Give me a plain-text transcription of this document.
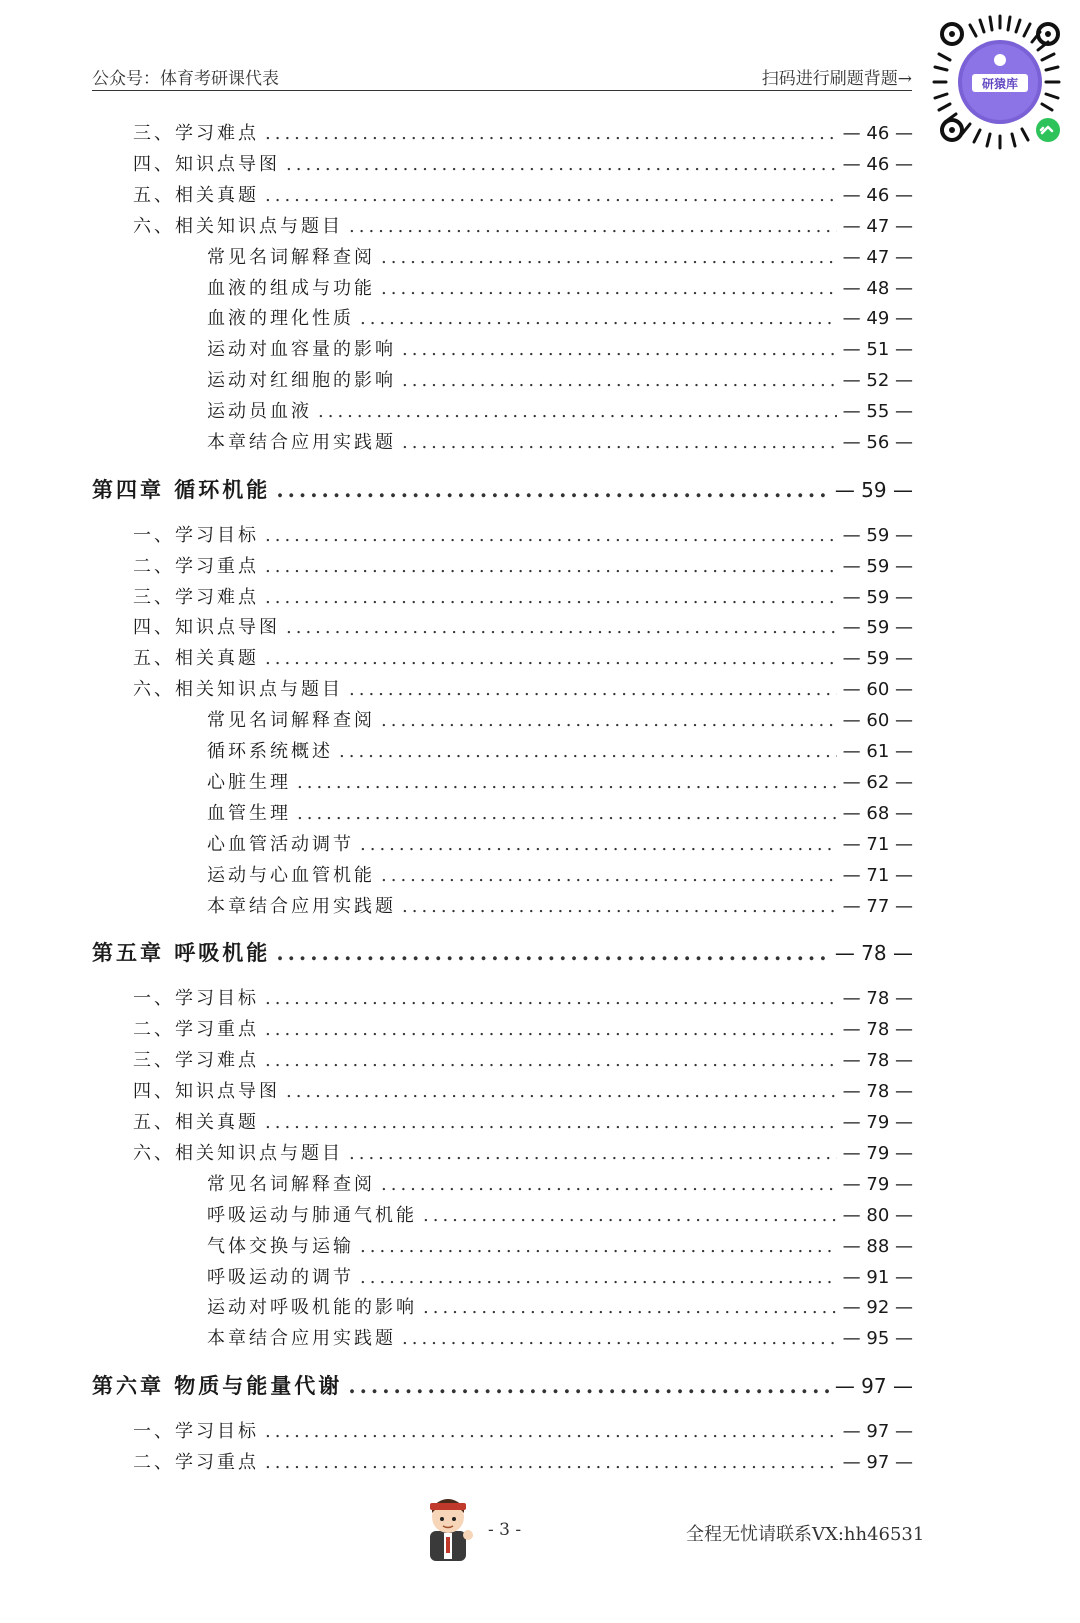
公众号：体育考研课代表	扫码进行刷题背题→	研猿库
三、学习难点 .....	— 46 —
四、知识点导图 .....	— 46 —
五、相关真题 .....	— 46 —
六、相关知识点与题目 .....	— 47 —
常见名词解释查阅 .....	— 47 —
血液的组成与功能 .....	— 48 —
血液的理化性质 .....	— 49 —
运动对血容量的影响 .....	— 51 —
运动对红细胞的影响 .....	— 52 —
运动员血液 .....	— 55 —
本章结合应用实践题 .....	— 56 —
第四章 循环机能 .....	— 59 —
一、学习目标 .....	— 59 —
二、学习重点 .....	— 59 —
三、学习难点 .....	— 59 —
四、知识点导图 .....	— 59 —
五、相关真题 .....	— 59 —
六、相关知识点与题目 .....	— 60 —
常见名词解释查阅 .....	— 60 —
循环系统概述 .....	— 61 —
心脏生理 .....	— 62 —
血管生理 .....	— 68 —
心血管活动调节 .....	— 71 —
运动与心血管机能 .....	— 71 —
本章结合应用实践题 .....	— 77 —
第五章 呼吸机能 .....	— 78 —
一、学习目标 .....	— 78 —
二、学习重点 .....	— 78 —
三、学习难点 .....	— 78 —
四、知识点导图 .....	— 78 —
五、相关真题 .....	— 79 —
六、相关知识点与题目 .....	— 79 —
常见名词解释查阅 .....	— 79 —
呼吸运动与肺通气机能 .....	— 80 —
气体交换与运输 .....	— 88 —
呼吸运动的调节 .....	— 91 —
运动对呼吸机能的影响 .....	— 92 —
本章结合应用实践题 .....	— 95 —
第六章 物质与能量代谢 .....	— 97 —
一、学习目标 .....	— 97 —
二、学习重点 .....	— 97 —
- 3 -	全程无忧请联系VX:hh46531
